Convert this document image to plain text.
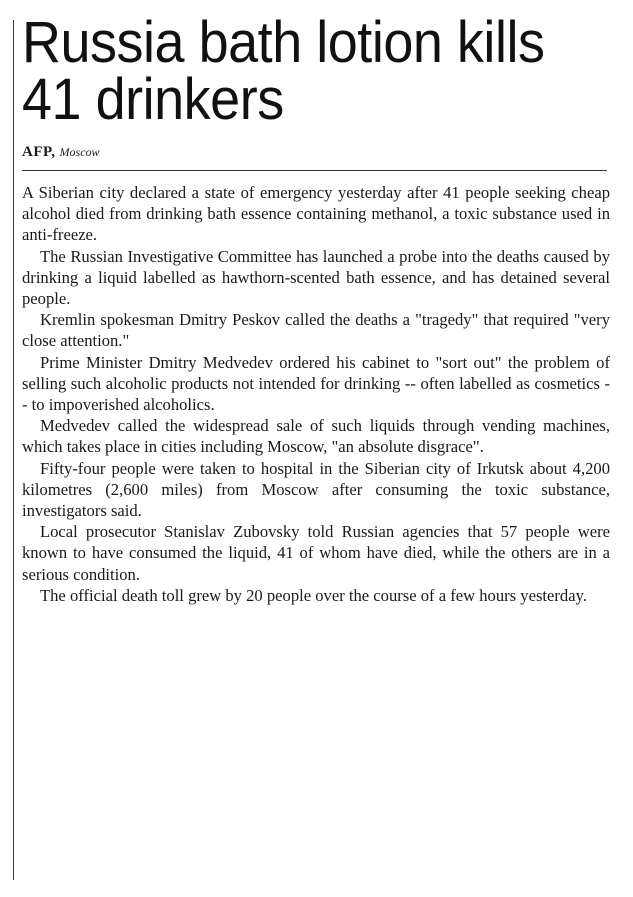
Russia bath lotion kills 41 drinkers
AFP, Moscow

A Siberian city declared a state of emergency yesterday after 41 people seeking cheap alcohol died from drinking bath essence containing methanol, a toxic substance used in anti-freeze.

The Russian Investigative Committee has launched a probe into the deaths caused by drinking a liquid labelled as hawthorn-scented bath essence, and has detained several people.

Kremlin spokesman Dmitry Peskov called the deaths a "tragedy" that required "very close attention."

Prime Minister Dmitry Medvedev ordered his cabinet to "sort out" the problem of selling such alcoholic products not intended for drinking -- often labelled as cosmetics -- to impoverished alcoholics.

Medvedev called the widespread sale of such liquids through vending machines, which takes place in cities including Moscow, "an absolute disgrace".

Fifty-four people were taken to hospital in the Siberian city of Irkutsk about 4,200 kilometres (2,600 miles) from Moscow after consuming the toxic substance, investigators said.

Local prosecutor Stanislav Zubovsky told Russian agencies that 57 people were known to have consumed the liquid, 41 of whom have died, while the others are in a serious condition.

The official death toll grew by 20 people over the course of a few hours yesterday.
